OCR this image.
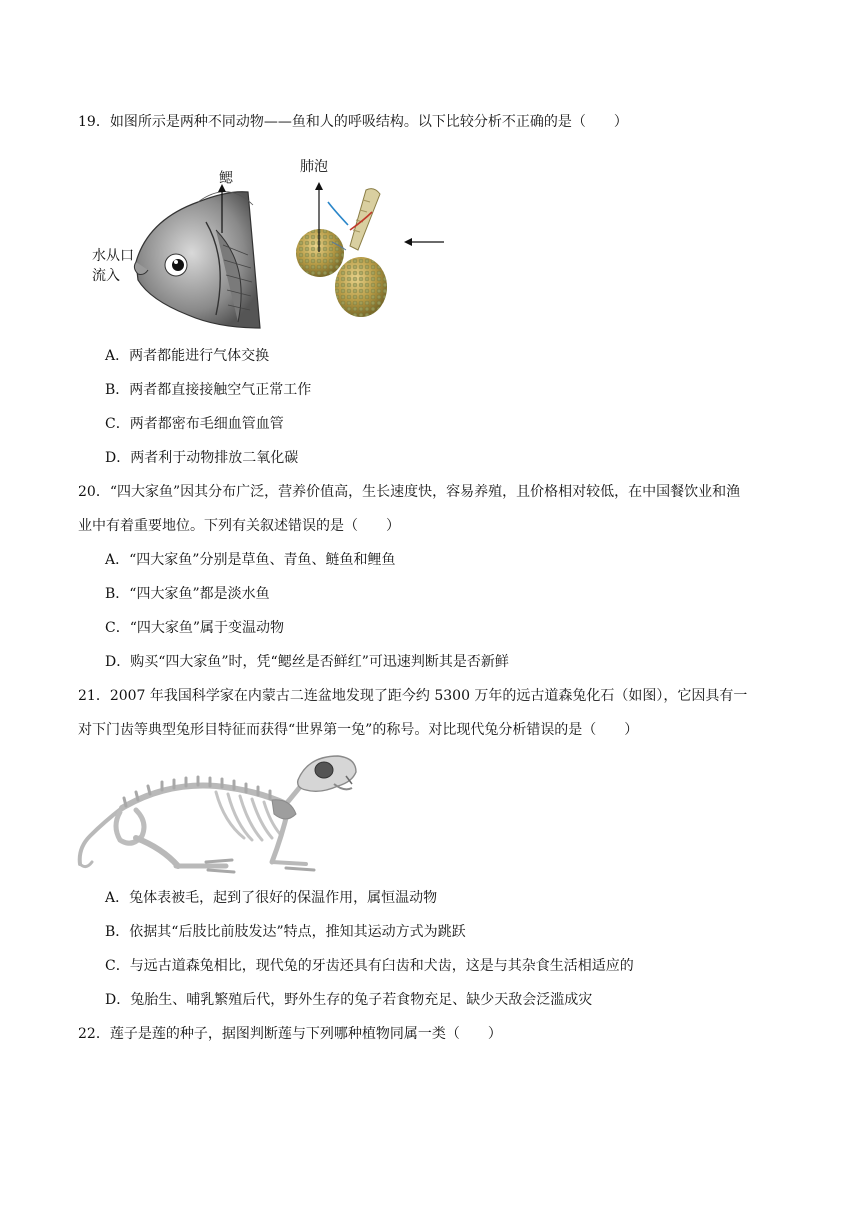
19．如图所示是两种不同动物——鱼和人的呼吸结构。以下比较分析不正确的是（　　）
鳃
水从口
流入
肺泡
A．两者都能进行气体交换
B．两者都直接接触空气正常工作
C．两者都密布毛细血管血管
D．两者利于动物排放二氧化碳
20．“四大家鱼”因其分布广泛，营养价值高，生长速度快，容易养殖，且价格相对较低，在中国餐饮业和渔
业中有着重要地位。下列有关叙述错误的是（　　）
A．“四大家鱼”分别是草鱼、青鱼、鲢鱼和鲤鱼
B．“四大家鱼”都是淡水鱼
C．“四大家鱼”属于变温动物
D．购买“四大家鱼”时，凭“鳃丝是否鲜红”可迅速判断其是否新鲜
21．2007 年我国科学家在内蒙古二连盆地发现了距今约 5300 万年的远古道森兔化石（如图），它因具有一
对下门齿等典型兔形目特征而获得“世界第一兔”的称号。对比现代兔分析错误的是（　　）
A．兔体表被毛，起到了很好的保温作用，属恒温动物
B．依据其“后肢比前肢发达”特点，推知其运动方式为跳跃
C．与远古道森兔相比，现代兔的牙齿还具有臼齿和犬齿，这是与其杂食生活相适应的
D．兔胎生、哺乳繁殖后代，野外生存的兔子若食物充足、缺少天敌会泛滥成灾
22．莲子是莲的种子，据图判断莲与下列哪种植物同属一类（　　）
